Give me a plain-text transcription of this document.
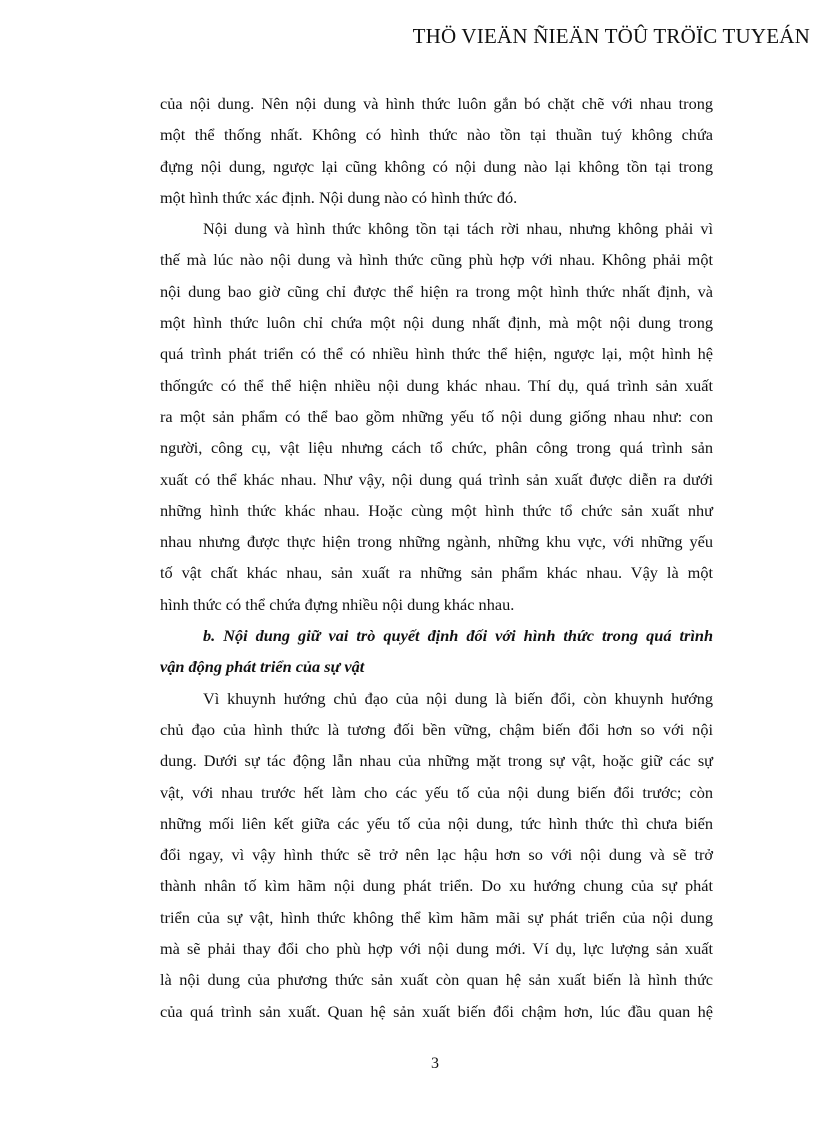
THÖ VIEÄN ÑIEÄN TÖÛ TRÖÏC TUYEÁN
của nội dung. Nên nội dung và hình thức luôn gắn bó chặt chẽ với nhau trong
một thể thống nhất. Không có hình thức nào tồn tại thuần tuý không chứa
đựng nội dung, ngược lại cũng không có nội dung nào lại không tồn tại trong
một hình thức xác định. Nội dung nào có hình thức đó.
Nội dung và hình thức không tồn tại tách rời nhau, nhưng không phải vì
thế mà lúc nào nội dung và hình thức cũng phù hợp với nhau. Không phải một
nội dung bao giờ cũng chỉ được thể hiện ra trong một hình thức nhất định, và
một hình thức luôn chỉ chứa một nội dung nhất định, mà một nội dung trong
quá trình phát triển có thể có nhiều hình thức thể hiện, ngược lại, một hình hệ
thốngức có thể thể hiện nhiều nội dung khác nhau. Thí dụ, quá trình sản xuất
ra một sản phẩm có thể bao gồm những yếu tố nội dung giống nhau như: con
người, công cụ, vật liệu nhưng cách tổ chức, phân công trong quá trình sản
xuất có thể khác nhau. Như vậy, nội dung quá trình sản xuất được diễn ra dưới
những hình thức khác nhau. Hoặc cùng một hình thức tổ chức sản xuất như
nhau nhưng được thực hiện trong những ngành, những khu vực, với những yếu
tố vật chất khác nhau, sản xuất ra những sản phẩm khác nhau. Vậy là một
hình thức có thể chứa đựng nhiều nội dung khác nhau.
b. Nội dung giữ vai trò quyết định đối với hình thức trong quá trình
vận động phát triển của sự vật
Vì khuynh hướng chủ đạo của nội dung là biến đổi, còn khuynh hướng
chủ đạo của hình thức là tương đối bền vững, chậm biến đổi hơn so với nội
dung. Dưới sự tác động lẫn nhau của những mặt trong sự vật, hoặc giữ các sự
vật, với nhau trước hết làm cho các yếu tố của nội dung biến đổi trước; còn
những mối liên kết giữa các yếu tố của nội dung, tức hình thức thì chưa biến
đổi ngay, vì vậy hình thức sẽ trở nên lạc hậu hơn so với nội dung và sẽ trở
thành nhân tố kìm hãm nội dung phát triển. Do xu hướng chung của sự phát
triển của sự vật, hình thức không thể kìm hãm mãi sự phát triển của nội dung
mà sẽ phải thay đổi cho phù hợp với nội dung mới. Ví dụ, lực lượng sản xuất
là nội dung của phương thức sản xuất còn quan hệ sản xuất biến là hình thức
của quá trình sản xuất. Quan hệ sản xuất biến đổi chậm hơn, lúc đầu quan hệ
3
